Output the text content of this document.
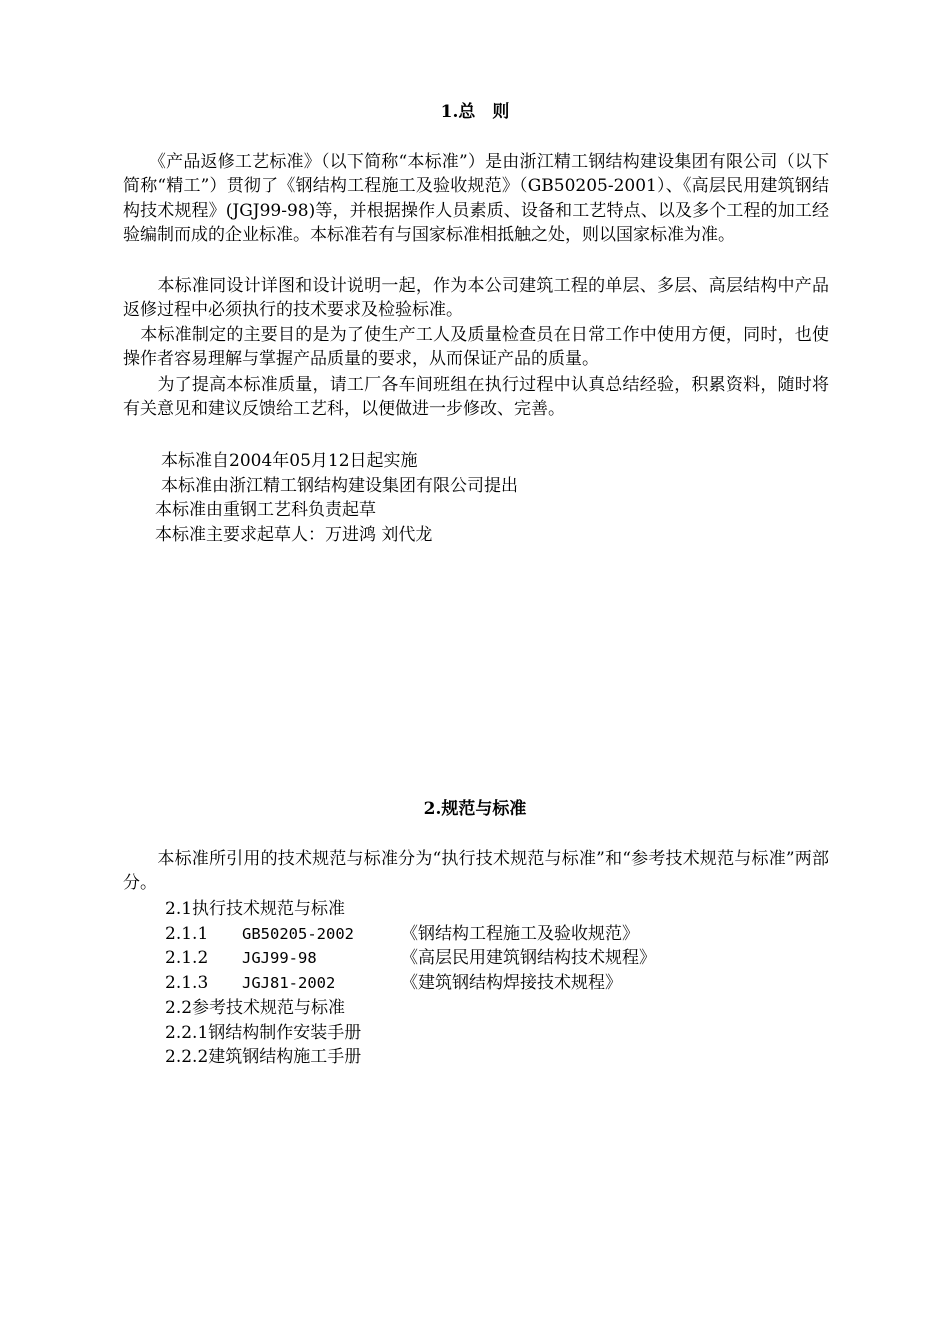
1.总　则

　　《产品返修工艺标准》（以下简称“本标准”）是由浙江精工钢结构建设集团有限公司（以下简称“精工”）贯彻了《钢结构工程施工及验收规范》（GB50205-2001）、《高层民用建筑钢结构技术规程》(JGJ99-98)等，并根据操作人员素质、设备和工艺特点、以及多个工程的加工经验编制而成的企业标准。本标准若有与国家标准相抵触之处，则以国家标准为准。

　　本标准同设计详图和设计说明一起，作为本公司建筑工程的单层、多层、高层结构中产品返修过程中必须执行的技术要求及检验标准。

　本标准制定的主要目的是为了使生产工人及质量检查员在日常工作中使用方便，同时，也使操作者容易理解与掌握产品质量的要求，从而保证产品的质量。

　　为了提高本标准质量，请工厂各车间班组在执行过程中认真总结经验，积累资料，随时将有关意见和建议反馈给工艺科，以便做进一步修改、完善。

本标准自2004年05月12日起实施
本标准由浙江精工钢结构建设集团有限公司提出
本标准由重钢工艺科负责起草
本标准主要求起草人：万进鸿 刘代龙
2.规范与标准

　　本标准所引用的技术规范与标准分为“执行技术规范与标准”和“参考技术规范与标准”两部分。

2.1执行技术规范与标准
2.1.1 GB50205-2002	《钢结构工程施工及验收规范》
2.1.2 JGJ99-98	《高层民用建筑钢结构技术规程》
2.1.3 JGJ81-2002	《建筑钢结构焊接技术规程》
2.2参考技术规范与标准
2.2.1钢结构制作安装手册
2.2.2建筑钢结构施工手册
